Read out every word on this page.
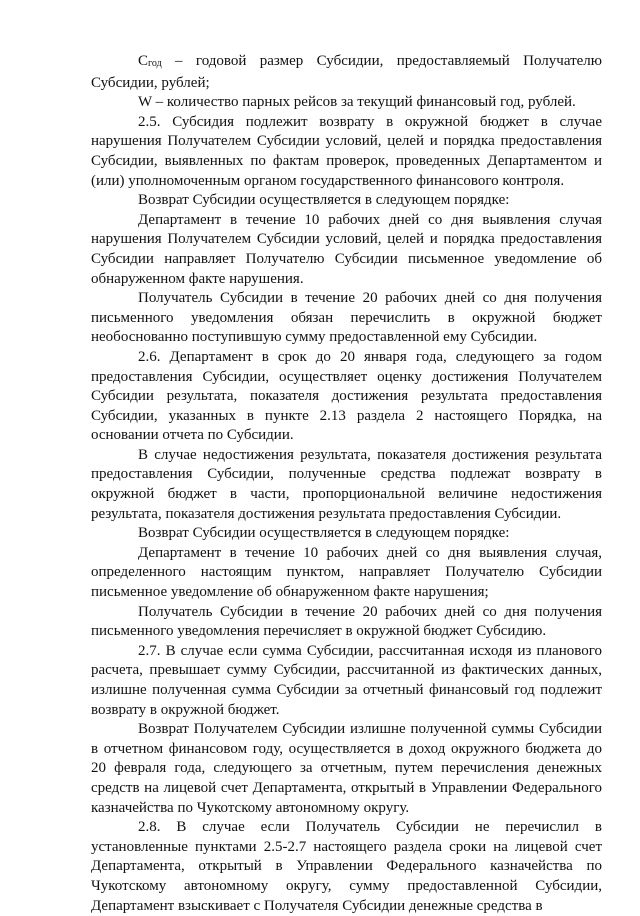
Сгод – годовой размер Субсидии, предоставляемый Получателю Субсидии, рублей;

W – количество парных рейсов за текущий финансовый год, рублей.

2.5. Субсидия подлежит возврату в окружной бюджет в случае нарушения Получателем Субсидии условий, целей и порядка предоставления Субсидии, выявленных по фактам проверок, проведенных Департаментом и (или) уполномоченным органом государственного финансового контроля.

Возврат Субсидии осуществляется в следующем порядке:

Департамент в течение 10 рабочих дней со дня выявления случая нарушения Получателем Субсидии условий, целей и порядка предоставления Субсидии направляет Получателю Субсидии письменное уведомление об обнаруженном факте нарушения.

Получатель Субсидии в течение 20 рабочих дней со дня получения письменного уведомления обязан перечислить в окружной бюджет необоснованно поступившую сумму предоставленной ему Субсидии.

2.6. Департамент в срок до 20 января года, следующего за годом предоставления Субсидии, осуществляет оценку достижения Получателем Субсидии результата, показателя достижения результата предоставления Субсидии, указанных в пункте 2.13 раздела 2 настоящего Порядка, на основании отчета по Субсидии.

В случае недостижения результата, показателя достижения результата предоставления Субсидии, полученные средства подлежат возврату в окружной бюджет в части, пропорциональной величине недостижения результата, показателя достижения результата предоставления Субсидии.

Возврат Субсидии осуществляется в следующем порядке:

Департамент в течение 10 рабочих дней со дня выявления случая, определенного настоящим пунктом, направляет Получателю Субсидии письменное уведомление об обнаруженном факте нарушения;

Получатель Субсидии в течение 20 рабочих дней со дня получения письменного уведомления перечисляет в окружной бюджет Субсидию.

2.7. В случае если сумма Субсидии, рассчитанная исходя из планового расчета, превышает сумму Субсидии, рассчитанной из фактических данных, излишне полученная сумма Субсидии за отчетный финансовый год подлежит возврату в окружной бюджет.

Возврат Получателем Субсидии излишне полученной суммы Субсидии в отчетном финансовом году, осуществляется в доход окружного бюджета до 20 февраля года, следующего за отчетным, путем перечисления денежных средств на лицевой счет Департамента, открытый в Управлении Федерального казначейства по Чукотскому автономному округу.

2.8. В случае если Получатель Субсидии не перечислил в установленные пунктами 2.5-2.7 настоящего раздела сроки на лицевой счет Департамента, открытый в Управлении Федерального казначейства по Чукотскому автономному округу, сумму предоставленной Субсидии, Департамент взыскивает с Получателя Субсидии денежные средства в
